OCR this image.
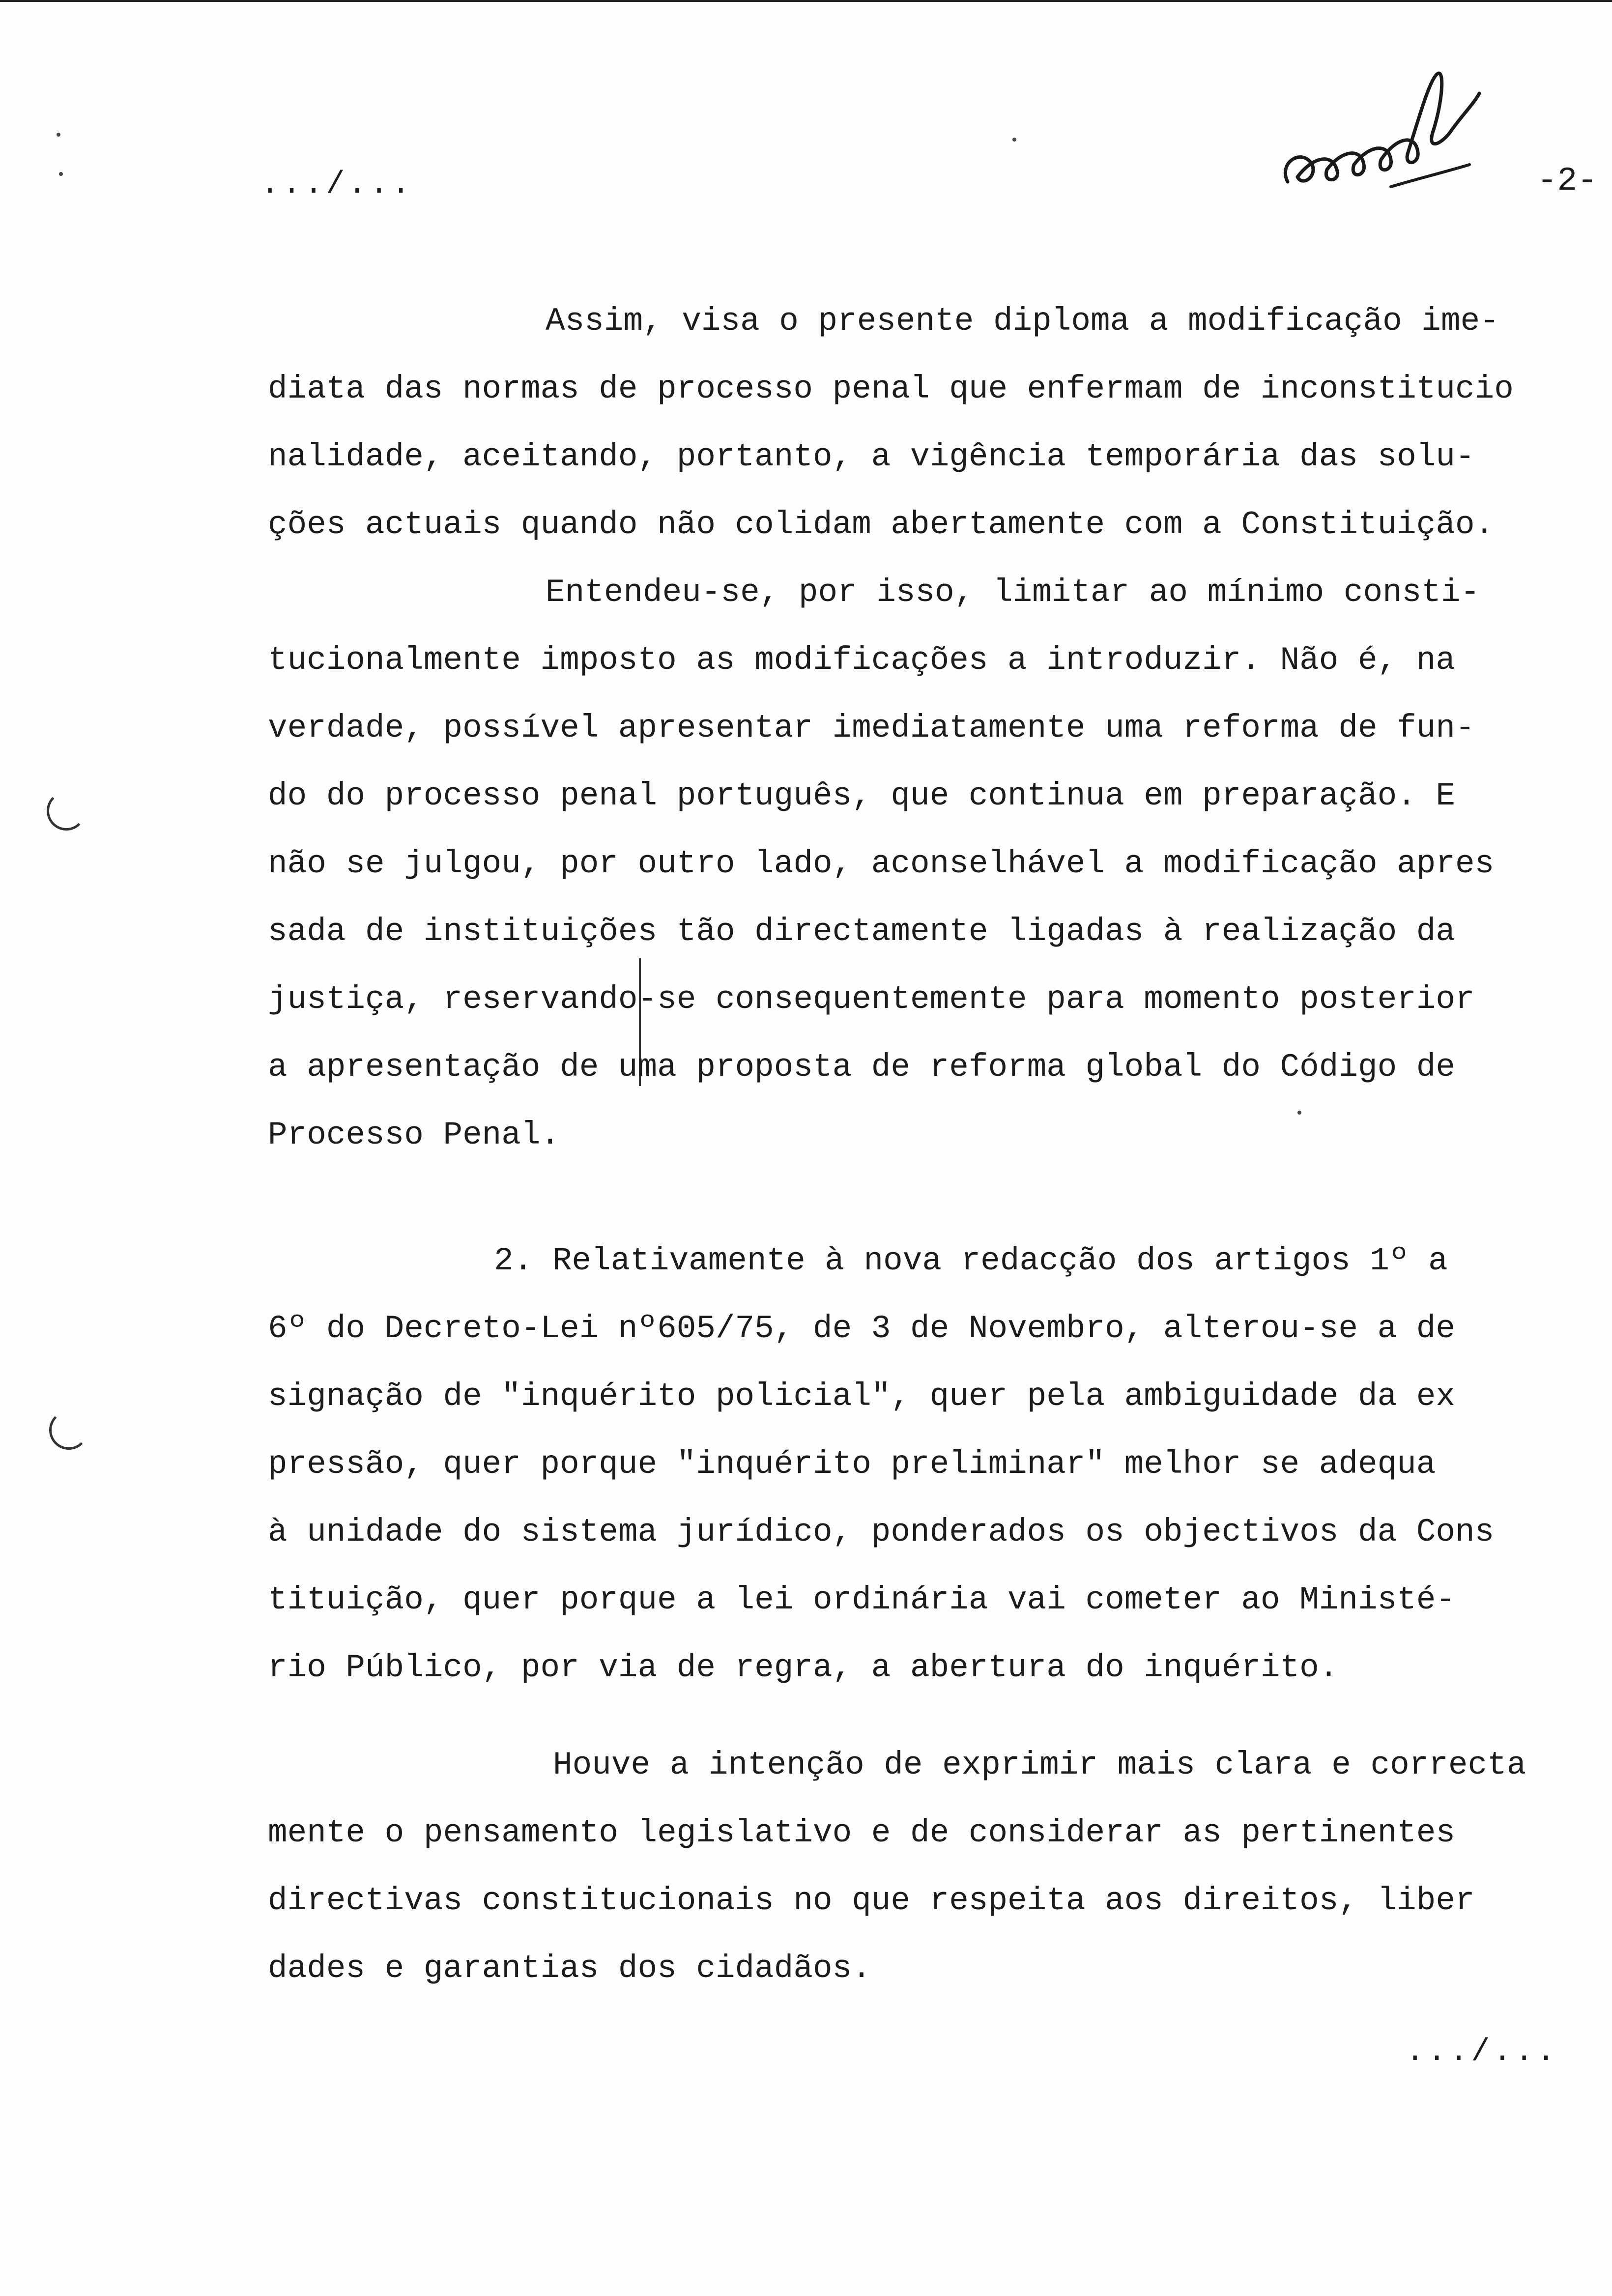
.../...	-2-
Assim, visa o presente diploma a modificação ime-
diata das normas de processo penal que enfermam de inconstitucio
nalidade, aceitando, portanto, a vigência temporária das solu-
ções actuais quando não colidam abertamente com a Constituição.
Entendeu-se, por isso, limitar ao mínimo consti-
tucionalmente imposto as modificações a introduzir. Não é, na
verdade, possível apresentar imediatamente uma reforma de fun-
do do processo penal português, que continua em preparação. E
não se julgou, por outro lado, aconselhável a modificação apres
sada de instituições tão directamente ligadas à realização da
justiça, reservando-se consequentemente para momento posterior
a apresentação de uma proposta de reforma global do Código de
Processo Penal.
2. Relativamente à nova redacção dos artigos 1º a
6º do Decreto-Lei nº605/75, de 3 de Novembro, alterou-se a de
signação de "inquérito policial", quer pela ambiguidade da ex
pressão, quer porque "inquérito preliminar" melhor se adequa
à unidade do sistema jurídico, ponderados os objectivos da Cons
tituição, quer porque a lei ordinária vai cometer ao Ministé-
rio Público, por via de regra, a abertura do inquérito.
Houve a intenção de exprimir mais clara e correcta
mente o pensamento legislativo e de considerar as pertinentes
directivas constitucionais no que respeita aos direitos, liber
dades e garantias dos cidadãos.
.../...
